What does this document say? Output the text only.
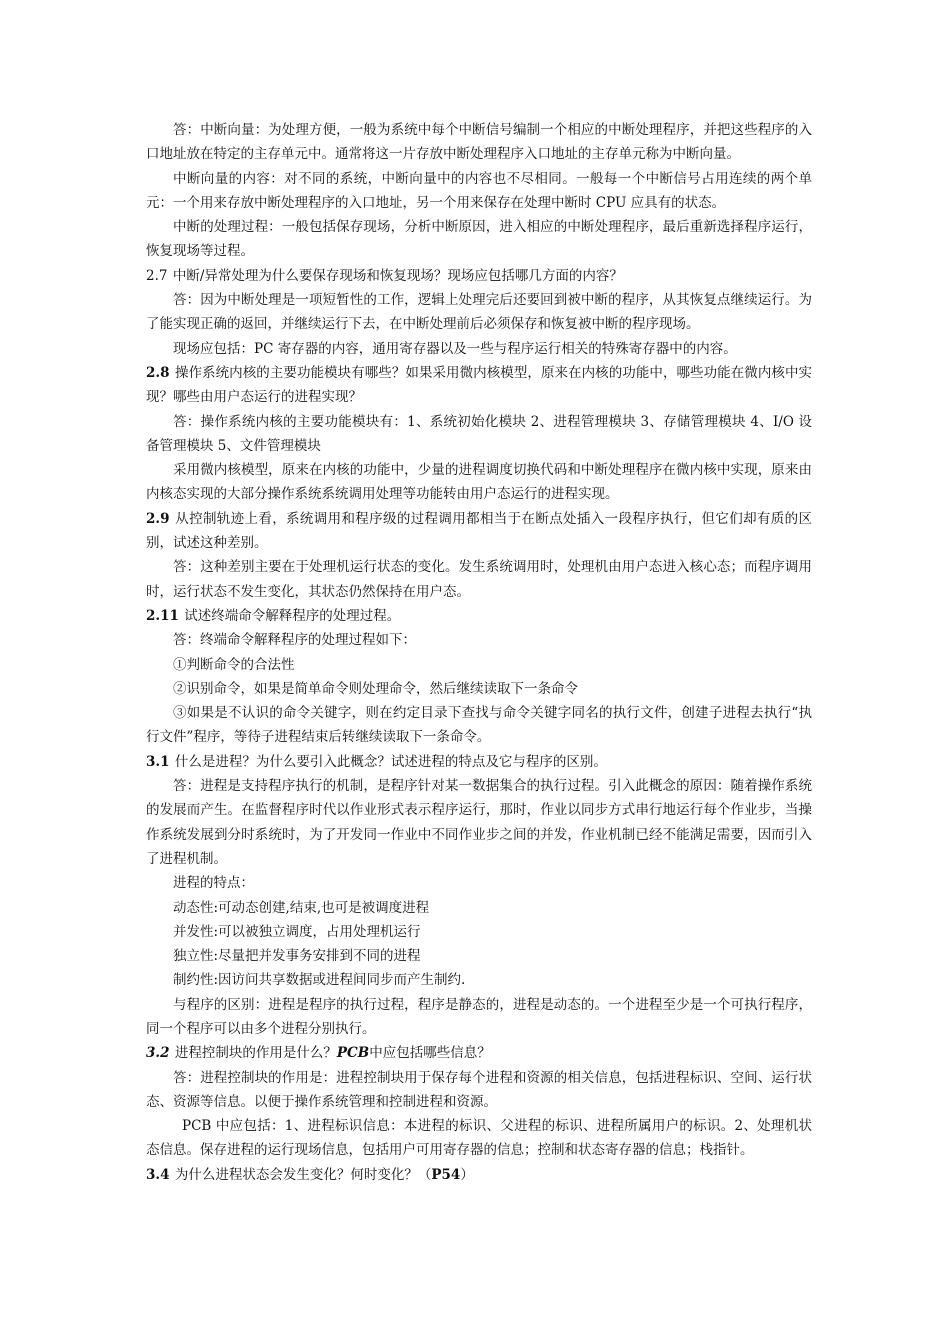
答：中断向量：为处理方便，一般为系统中每个中断信号编制一个相应的中断处理程序，并把这些程序的入口地址放在特定的主存单元中。通常将这一片存放中断处理程序入口地址的主存单元称为中断向量。

中断向量的内容：对不同的系统，中断向量中的内容也不尽相同。一般每一个中断信号占用连续的两个单元：一个用来存放中断处理程序的入口地址，另一个用来保存在处理中断时 CPU 应具有的状态。

中断的处理过程：一般包括保存现场，分析中断原因，进入相应的中断处理程序，最后重新选择程序运行，恢复现场等过程。

2.7 中断/异常处理为什么要保存现场和恢复现场？现场应包括哪几方面的内容？

答：因为中断处理是一项短暂性的工作，逻辑上处理完后还要回到被中断的程序，从其恢复点继续运行。为了能实现正确的返回，并继续运行下去，在中断处理前后必须保存和恢复被中断的程序现场。

现场应包括：PC 寄存器的内容，通用寄存器以及一些与程序运行相关的特殊寄存器中的内容。

2.8 操作系统内核的主要功能模块有哪些？如果采用微内核模型，原来在内核的功能中，哪些功能在微内核中实现？哪些由用户态运行的进程实现？

答：操作系统内核的主要功能模块有：1、系统初始化模块 2、进程管理模块 3、存储管理模块 4、I/O 设备管理模块 5、文件管理模块

采用微内核模型，原来在内核的功能中，少量的进程调度切换代码和中断处理程序在微内核中实现，原来由内核态实现的大部分操作系统系统调用处理等功能转由用户态运行的进程实现。

2.9 从控制轨迹上看，系统调用和程序级的过程调用都相当于在断点处插入一段程序执行，但它们却有质的区别，试述这种差别。

答：这种差别主要在于处理机运行状态的变化。发生系统调用时，处理机由用户态进入核心态；而程序调用时，运行状态不发生变化，其状态仍然保持在用户态。

2.11 试述终端命令解释程序的处理过程。

答：终端命令解释程序的处理过程如下：

①判断命令的合法性

②识别命令，如果是简单命令则处理命令，然后继续读取下一条命令

③如果是不认识的命令关键字，则在约定目录下查找与命令关键字同名的执行文件，创建子进程去执行“执行文件”程序，等待子进程结束后转继续读取下一条命令。

3.1 什么是进程？为什么要引入此概念？试述进程的特点及它与程序的区别。

答：进程是支持程序执行的机制，是程序针对某一数据集合的执行过程。引入此概念的原因：随着操作系统的发展而产生。在监督程序时代以作业形式表示程序运行，那时，作业以同步方式串行地运行每个作业步，当操作系统发展到分时系统时，为了开发同一作业中不同作业步之间的并发，作业机制已经不能满足需要，因而引入了进程机制。

进程的特点：

动态性:可动态创建,结束,也可是被调度进程

并发性:可以被独立调度，占用处理机运行

独立性:尽量把并发事务安排到不同的进程

制约性:因访问共享数据或进程间同步而产生制约.

与程序的区别：进程是程序的执行过程，程序是静态的，进程是动态的。一个进程至少是一个可执行程序，同一个程序可以由多个进程分别执行。

3.2 进程控制块的作用是什么？PCB中应包括哪些信息？

答：进程控制块的作用是：进程控制块用于保存每个进程和资源的相关信息，包括进程标识、空间、运行状态、资源等信息。以便于操作系统管理和控制进程和资源。

PCB 中应包括：1、进程标识信息：本进程的标识、父进程的标识、进程所属用户的标识。2、处理机状态信息。保存进程的运行现场信息，包括用户可用寄存器的信息；控制和状态寄存器的信息；栈指针。

3.4 为什么进程状态会发生变化？何时变化？（P54）
